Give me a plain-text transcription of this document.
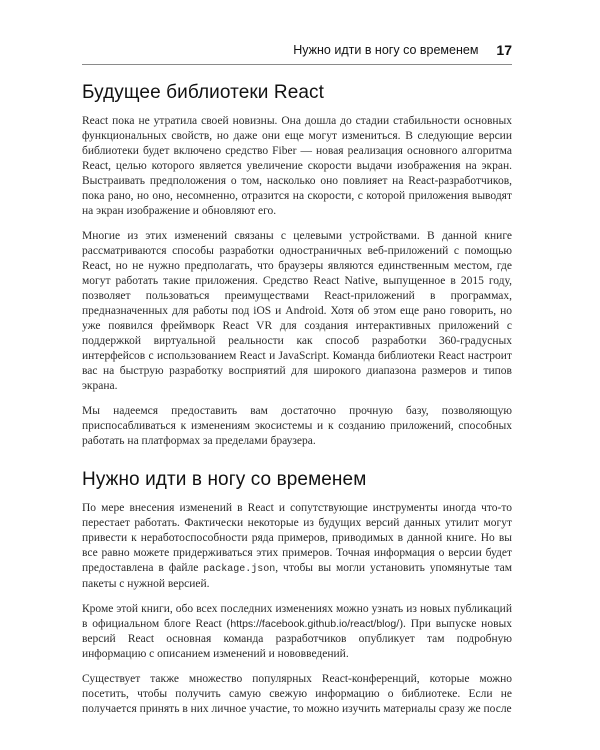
Нужно идти в ногу со временем 17
Будущее библиотеки React

React пока не утратила своей новизны. Она дошла до стадии стабильности основных функциональных свойств, но даже они еще могут измениться. В следующие версии библиотеки будет включено средство Fiber — новая реализация основного алгоритма React, целью которого является увеличение скорости выдачи изображения на экран. Выстраивать предположения о том, насколько оно повлияет на React-разработчиков, пока рано, но оно, несомненно, отразится на скорости, с которой приложения выводят на экран изображение и обновляют его.

Многие из этих изменений связаны с целевыми устройствами. В данной книге рассматриваются способы разработки одностраничных веб-приложений с помощью React, но не нужно предполагать, что браузеры являются единственным местом, где могут работать такие приложения. Средство React Native, выпущенное в 2015 году, позволяет пользоваться преимуществами React-приложений в программах, предназначенных для работы под iOS и Android. Хотя об этом еще рано говорить, но уже появился фреймворк React VR для создания интерактивных приложений с поддержкой виртуальной реальности как способ разработки 360-градусных интерфейсов с использованием React и JavaScript. Команда библиотеки React настроит вас на быструю разработку восприятий для широкого диапазона размеров и типов экрана.

Мы надеемся предоставить вам достаточно прочную базу, позволяющую приспосабливаться к изменениям экосистемы и к созданию приложений, способных работать на платформах за пределами браузера.

Нужно идти в ногу со временем

По мере внесения изменений в React и сопутствующие инструменты иногда что-то перестает работать. Фактически некоторые из будущих версий данных утилит могут привести к неработоспособности ряда примеров, приводимых в данной книге. Но вы все равно можете придерживаться этих примеров. Точная информация о версии будет предоставлена в файле package.json, чтобы вы могли установить упомянутые там пакеты с нужной версией.

Кроме этой книги, обо всех последних изменениях можно узнать из новых публикаций в официальном блоге React (https://facebook.github.io/react/blog/). При выпуске новых версий React основная команда разработчиков опубликует там подробную информацию с описанием изменений и нововведений.

Существует также множество популярных React-конференций, которые можно посетить, чтобы получить самую свежую информацию о библиотеке. Если не получается принять в них личное участие, то можно изучить материалы сразу же после
